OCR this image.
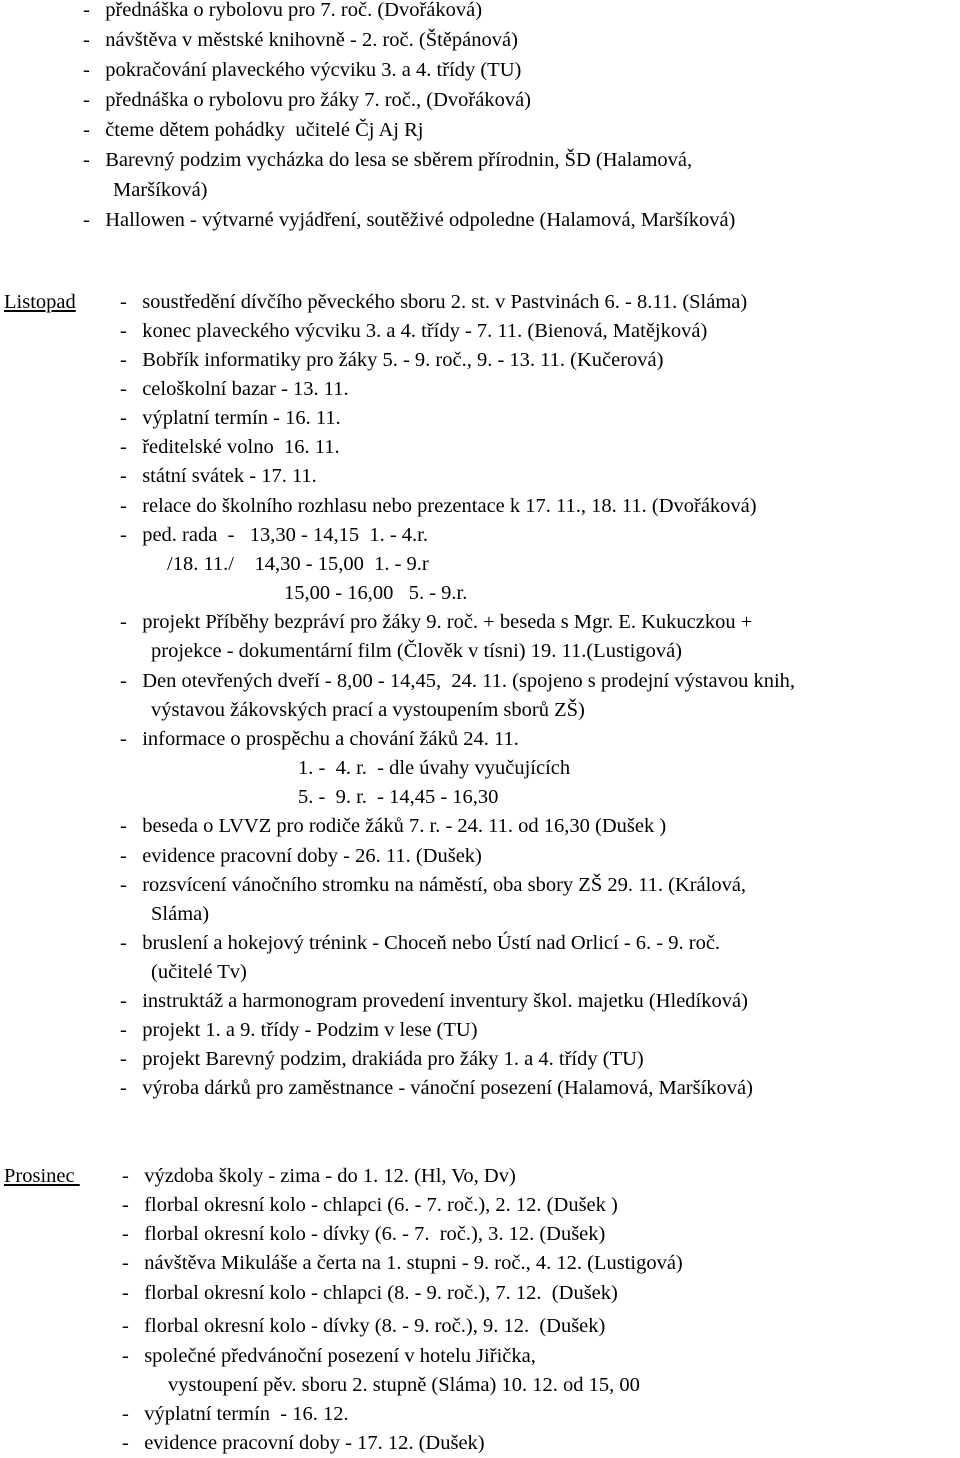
-   přednáška o rybolovu pro 7. roč. (Dvořáková)
-   návštěva v městské knihovně - 2. roč. (Štěpánová)
-   pokračování plaveckého výcviku 3. a 4. třídy (TU)
-   přednáška o rybolovu pro žáky 7. roč., (Dvořáková)
-   čteme dětem pohádky  učitelé Čj Aj Rj
-   Barevný podzim vycházka do lesa se sběrem přírodnin, ŠD (Halamová,
Maršíková)
-   Hallowen - výtvarné vyjádření, soutěživé odpoledne (Halamová, Maršíková)
Listopad -   soustředění dívčího pěveckého sboru 2. st. v Pastvinách 6. - 8.11. (Sláma)
-   konec plaveckého výcviku 3. a 4. třídy - 7. 11. (Bienová, Matějková)
-   Bobřík informatiky pro žáky 5. - 9. roč., 9. - 13. 11. (Kučerová)
-   celoškolní bazar - 13. 11.
-   výplatní termín - 16. 11.
-   ředitelské volno  16. 11.
-   státní svátek - 17. 11.
-   relace do školního rozhlasu nebo prezentace k 17. 11., 18. 11. (Dvořáková)
-   ped. rada  -   13,30 - 14,15  1. - 4.r.
/18. 11./    14,30 - 15,00  1. - 9.r
15,00 - 16,00   5. - 9.r.
-   projekt Příběhy bezpráví pro žáky 9. roč. + beseda s Mgr. E. Kukuczkou +
projekce - dokumentární film (Člověk v tísni) 19. 11.(Lustigová)
-   Den otevřených dveří - 8,00 - 14,45,  24. 11. (spojeno s prodejní výstavou knih,
výstavou žákovských prací a vystoupením sborů ZŠ)
-   informace o prospěchu a chování žáků 24. 11.
1. -  4. r.  - dle úvahy vyučujících
5. -  9. r.  - 14,45 - 16,30
-   beseda o LVVZ pro rodiče žáků 7. r. - 24. 11. od 16,30 (Dušek )
-   evidence pracovní doby - 26. 11. (Dušek)
-   rozsvícení vánočního stromku na náměstí, oba sbory ZŠ 29. 11. (Králová,
Sláma)
-   bruslení a hokejový trénink - Choceň nebo Ústí nad Orlicí - 6. - 9. roč.
(učitelé Tv)
-   instruktáž a harmonogram provedení inventury škol. majetku (Hledíková)
-   projekt 1. a 9. třídy - Podzim v lese (TU)
-   projekt Barevný podzim, drakiáda pro žáky 1. a 4. třídy (TU)
-   výroba dárků pro zaměstnance - vánoční posezení (Halamová, Maršíková)
Prosinec -   výzdoba školy - zima - do 1. 12. (Hl, Vo, Dv)
-   florbal okresní kolo - chlapci (6. - 7. roč.), 2. 12. (Dušek )
-   florbal okresní kolo - dívky (6. - 7.  roč.), 3. 12. (Dušek)
-   návštěva Mikuláše a čerta na 1. stupni - 9. roč., 4. 12. (Lustigová)
-   florbal okresní kolo - chlapci (8. - 9. roč.), 7. 12.  (Dušek)
-   florbal okresní kolo - dívky (8. - 9. roč.), 9. 12.  (Dušek)
-   společné předvánoční posezení v hotelu Jiřička,
vystoupení pěv. sboru 2. stupně (Sláma) 10. 12. od 15, 00
-   výplatní termín  - 16. 12.
-   evidence pracovní doby - 17. 12. (Dušek)
